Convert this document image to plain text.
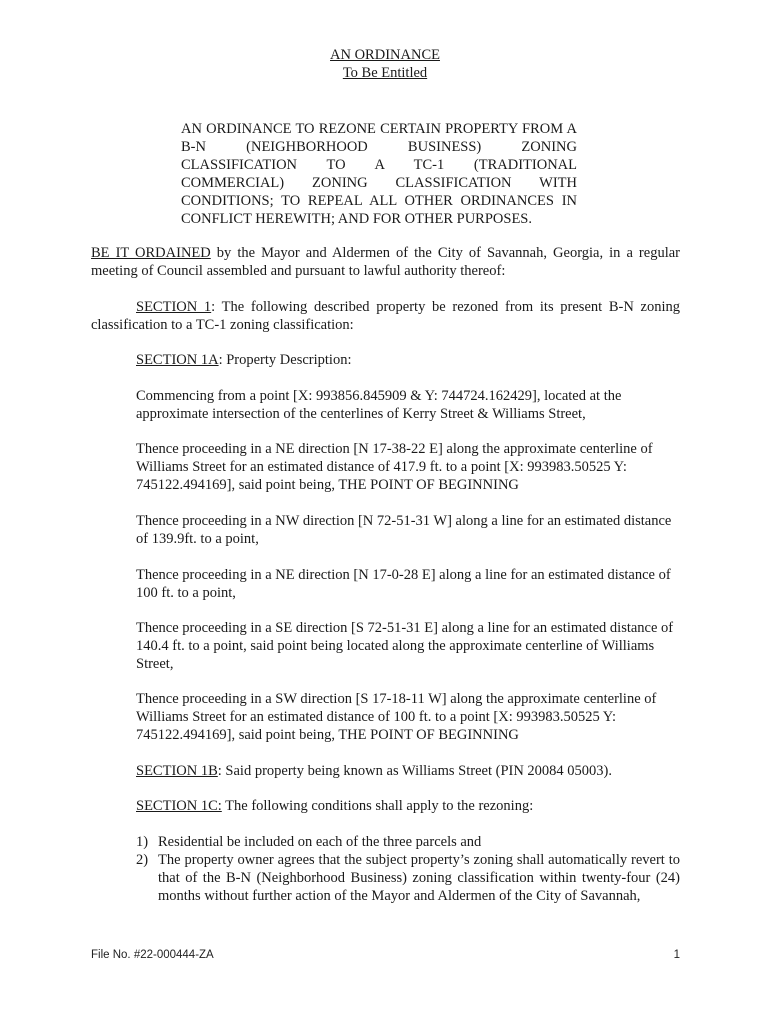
AN ORDINANCE
To Be Entitled
AN ORDINANCE TO REZONE CERTAIN PROPERTY FROM A B-N (NEIGHBORHOOD BUSINESS) ZONING CLASSIFICATION TO A TC-1 (TRADITIONAL COMMERCIAL) ZONING CLASSIFICATION WITH CONDITIONS; TO REPEAL ALL OTHER ORDINANCES IN CONFLICT HEREWITH; AND FOR OTHER PURPOSES.
BE IT ORDAINED by the Mayor and Aldermen of the City of Savannah, Georgia, in a regular meeting of Council assembled and pursuant to lawful authority thereof:
SECTION 1: The following described property be rezoned from its present B-N zoning classification to a TC-1 zoning classification:
SECTION 1A: Property Description:
Commencing from a point [X: 993856.845909 & Y: 744724.162429], located at the approximate intersection of the centerlines of Kerry Street & Williams Street,
Thence proceeding in a NE direction [N 17-38-22 E] along the approximate centerline of Williams Street for an estimated distance of 417.9 ft. to a point [X: 993983.50525 Y: 745122.494169], said point being, THE POINT OF BEGINNING
Thence proceeding in a NW direction [N 72-51-31 W] along a line for an estimated distance of 139.9ft. to a point,
Thence proceeding in a NE direction [N 17-0-28 E] along a line for an estimated distance of 100 ft. to a point,
Thence proceeding in a SE direction [S 72-51-31 E] along a line for an estimated distance of 140.4 ft. to a point, said point being located along the approximate centerline of Williams Street,
Thence proceeding in a SW direction [S 17-18-11 W] along the approximate centerline of Williams Street for an estimated distance of 100 ft. to a point [X: 993983.50525 Y: 745122.494169], said point being, THE POINT OF BEGINNING
SECTION 1B: Said property being known as Williams Street (PIN 20084 05003).
SECTION 1C: The following conditions shall apply to the rezoning:
1) Residential be included on each of the three parcels and
2) The property owner agrees that the subject property’s zoning shall automatically revert to that of the B-N (Neighborhood Business) zoning classification within twenty-four (24) months without further action of the Mayor and Aldermen of the City of Savannah,
File No. #22-000444-ZA	1
